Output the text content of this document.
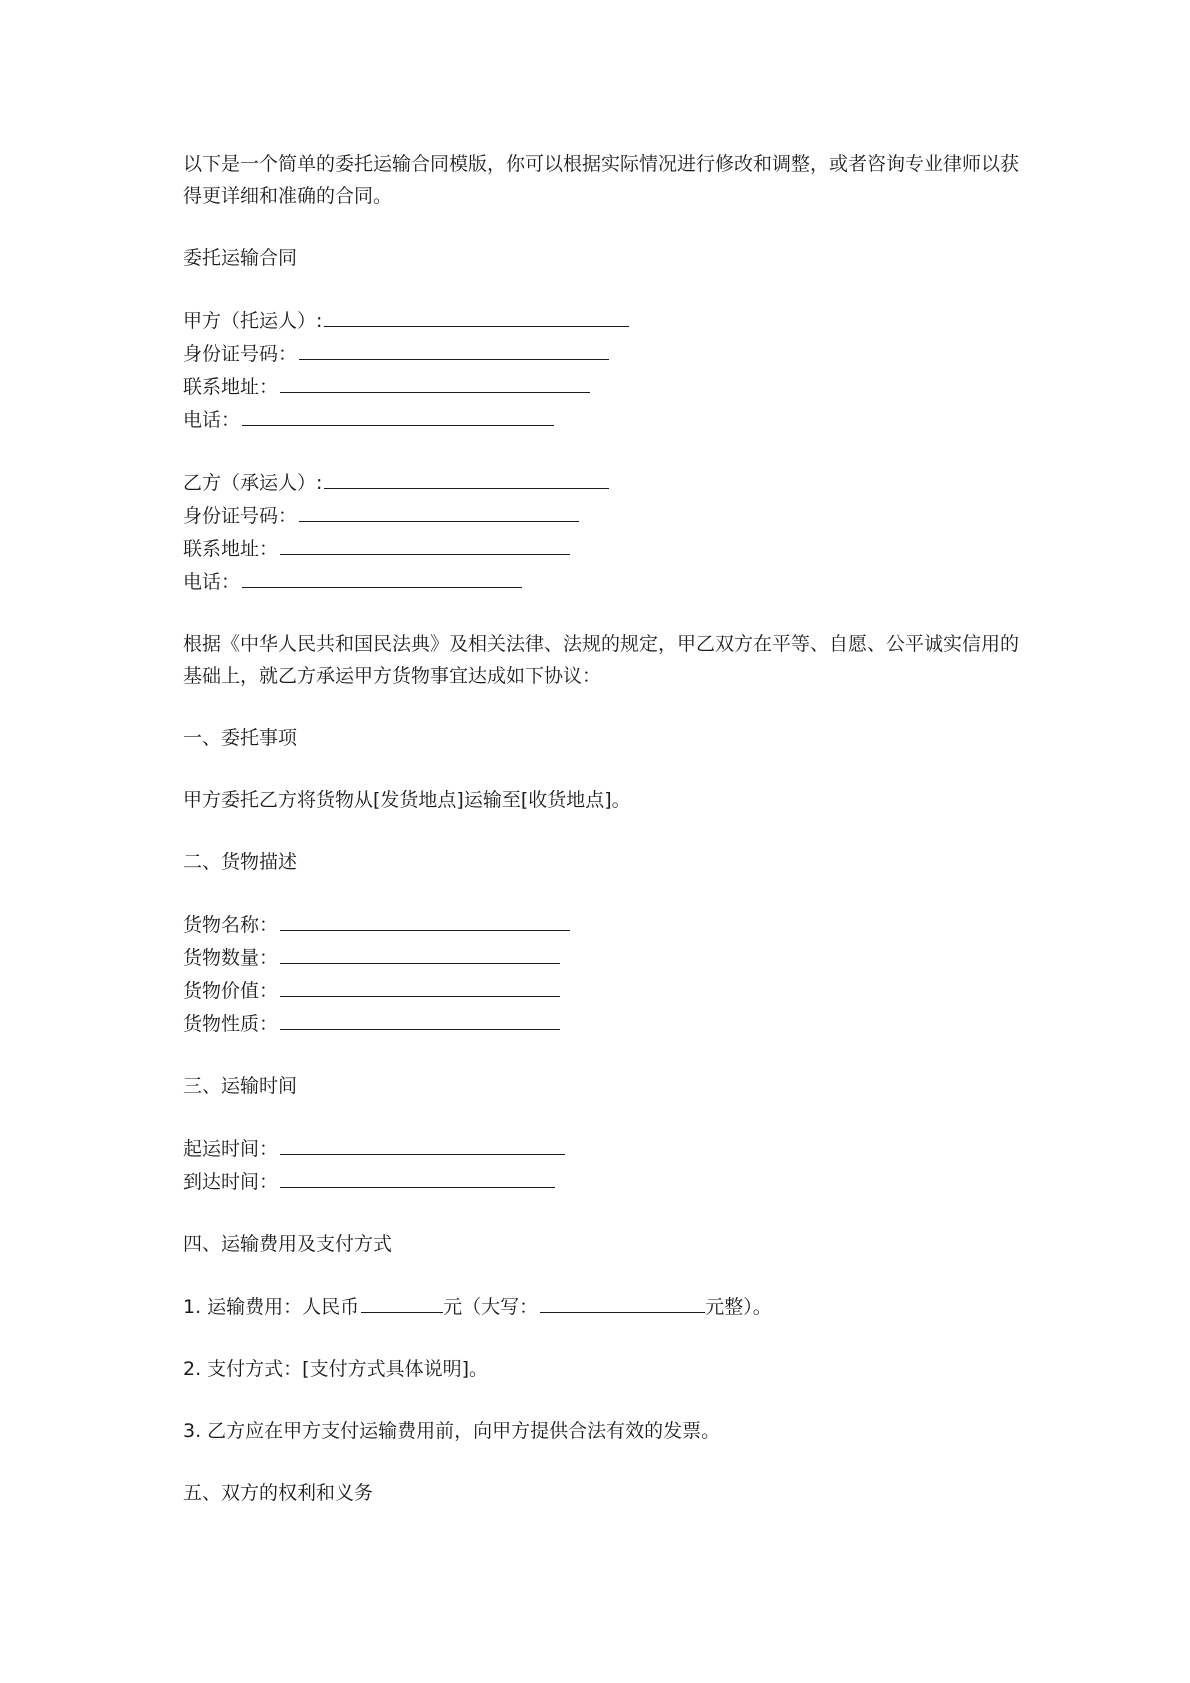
以下是一个简单的委托运输合同模版，你可以根据实际情况进行修改和调整，或者咨询专业律师以获得更详细和准确的合同。

委托运输合同

甲方（托运人）:
身份证号码：
联系地址：
电话：
乙方（承运人）:
身份证号码：
联系地址：
电话：

根据《中华人民共和国民法典》及相关法律、法规的规定，甲乙双方在平等、自愿、公平诚实信用的基础上，就乙方承运甲方货物事宜达成如下协议：

一、委托事项

甲方委托乙方将货物从[发货地点]运输至[收货地点]。

二、货物描述

货物名称：
货物数量：
货物价值：
货物性质：

三、运输时间

起运时间：
到达时间：

四、运输费用及支付方式

1. 运输费用：人民币	元（大写：	元整）。

2. 支付方式：[支付方式具体说明]。

3. 乙方应在甲方支付运输费用前，向甲方提供合法有效的发票。

五、双方的权利和义务
